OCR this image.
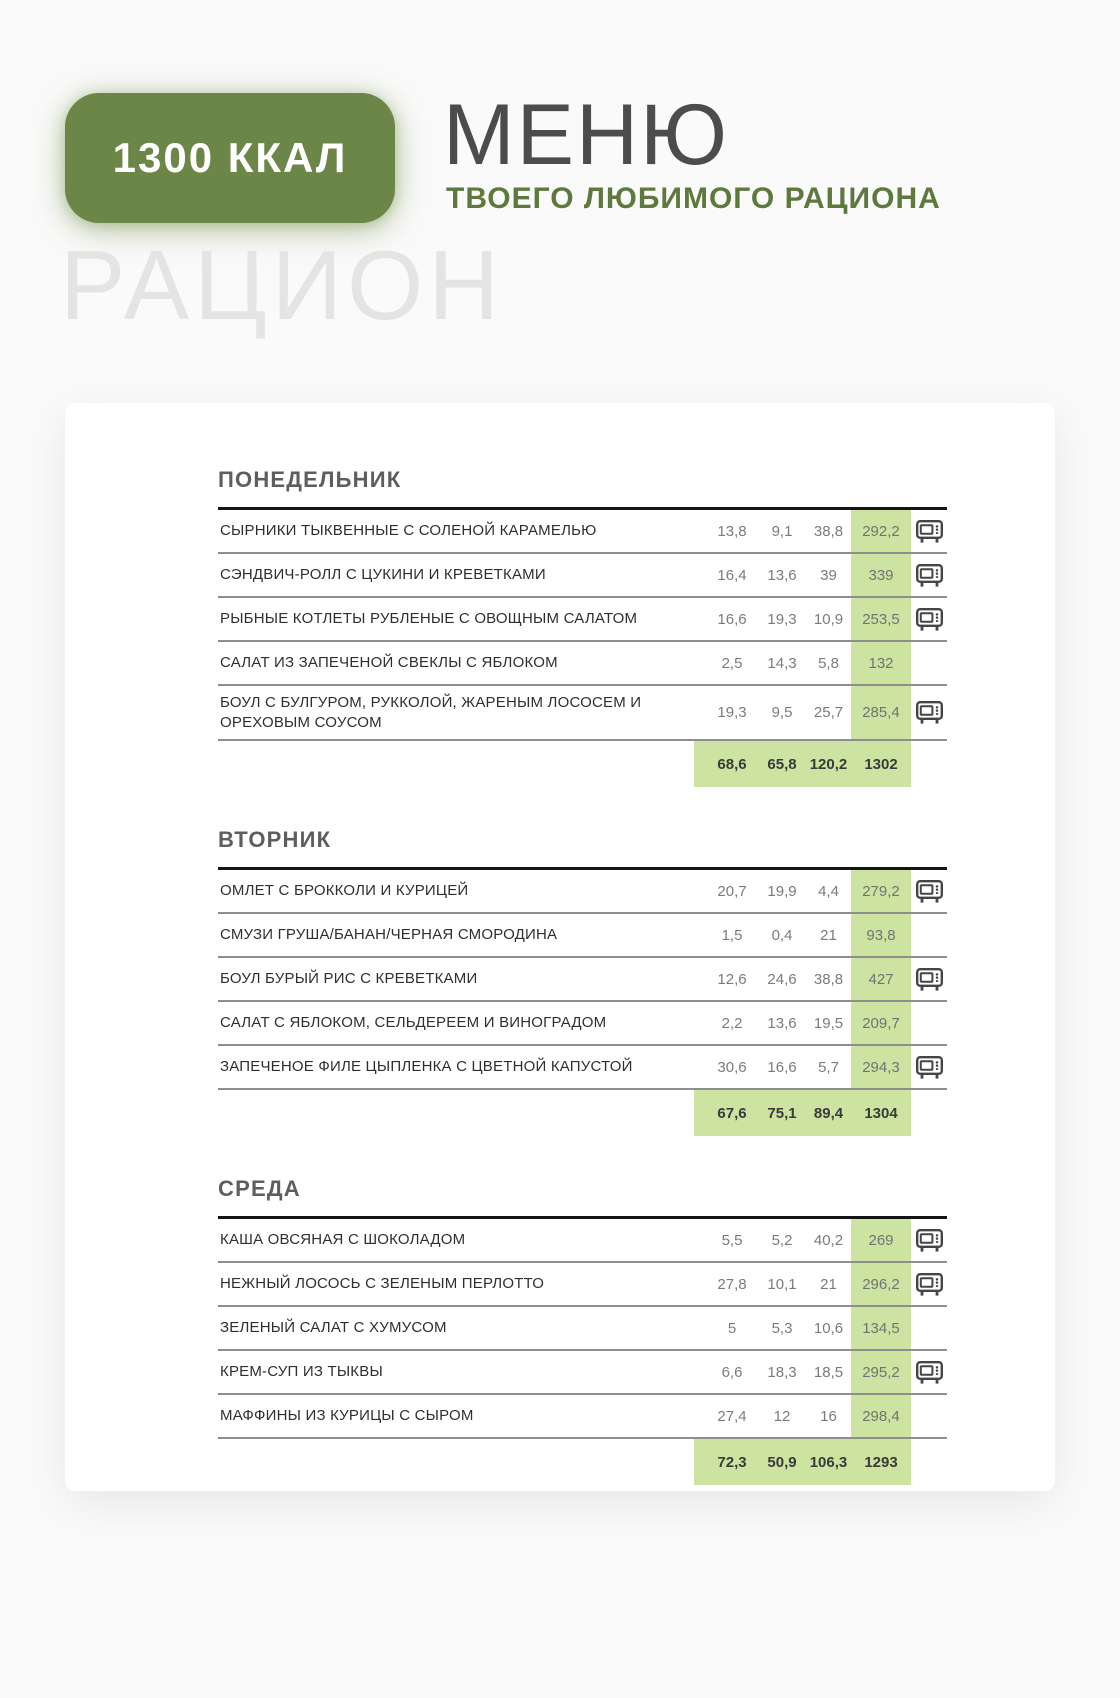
1300 ККАЛ МЕНЮ
ТВОЕГО ЛЮБИМОГО РАЦИОНА
РАЦИОН
ПОНЕДЕЛЬНИК
СЫРНИКИ ТЫКВЕННЫЕ С СОЛЕНОЙ КАРАМЕЛЬЮ	13,8	9,1	38,8	292,2
СЭНДВИЧ-РОЛЛ С ЦУКИНИ И КРЕВЕТКАМИ	16,4	13,6	39	339
РЫБНЫЕ КОТЛЕТЫ РУБЛЕНЫЕ С ОВОЩНЫМ САЛАТОМ	16,6	19,3	10,9	253,5
САЛАТ ИЗ ЗАПЕЧЕНОЙ СВЕКЛЫ С ЯБЛОКОМ	2,5	14,3	5,8	132
БОУЛ С БУЛГУРОМ, РУККОЛОЙ, ЖАРЕНЫМ ЛОСОСЕМ И ОРЕХОВЫМ СОУСОМ
19,3	9,5	25,7	285,4
68,6	65,8 120,2	1302
ВТОРНИК
ОМЛЕТ С БРОККОЛИ И КУРИЦЕЙ	20,7	19,9	4,4	279,2
СМУЗИ ГРУША/БАНАН/ЧЕРНАЯ СМОРОДИНА	1,5	0,4	21	93,8
БОУЛ БУРЫЙ РИС С КРЕВЕТКАМИ	12,6	24,6	38,8	427
САЛАТ С ЯБЛОКОМ, СЕЛЬДЕРЕЕМ И ВИНОГРАДОМ	2,2	13,6	19,5	209,7
ЗАПЕЧЕНОЕ ФИЛЕ ЦЫПЛЕНКА С ЦВЕТНОЙ КАПУСТОЙ	30,6	16,6	5,7	294,3
67,6	75,1	89,4	1304
СРЕДА
КАША ОВСЯНАЯ С ШОКОЛАДОМ	5,5	5,2	40,2	269
НЕЖНЫЙ ЛОСОСЬ С ЗЕЛЕНЫМ ПЕРЛОТТО	27,8	10,1	21	296,2
ЗЕЛЕНЫЙ САЛАТ С ХУМУСОМ	5	5,3	10,6	134,5
КРЕМ-СУП ИЗ ТЫКВЫ	6,6	18,3	18,5	295,2
МАФФИНЫ ИЗ КУРИЦЫ С СЫРОМ	27,4	12	16	298,4
72,3	50,9 106,3	1293
